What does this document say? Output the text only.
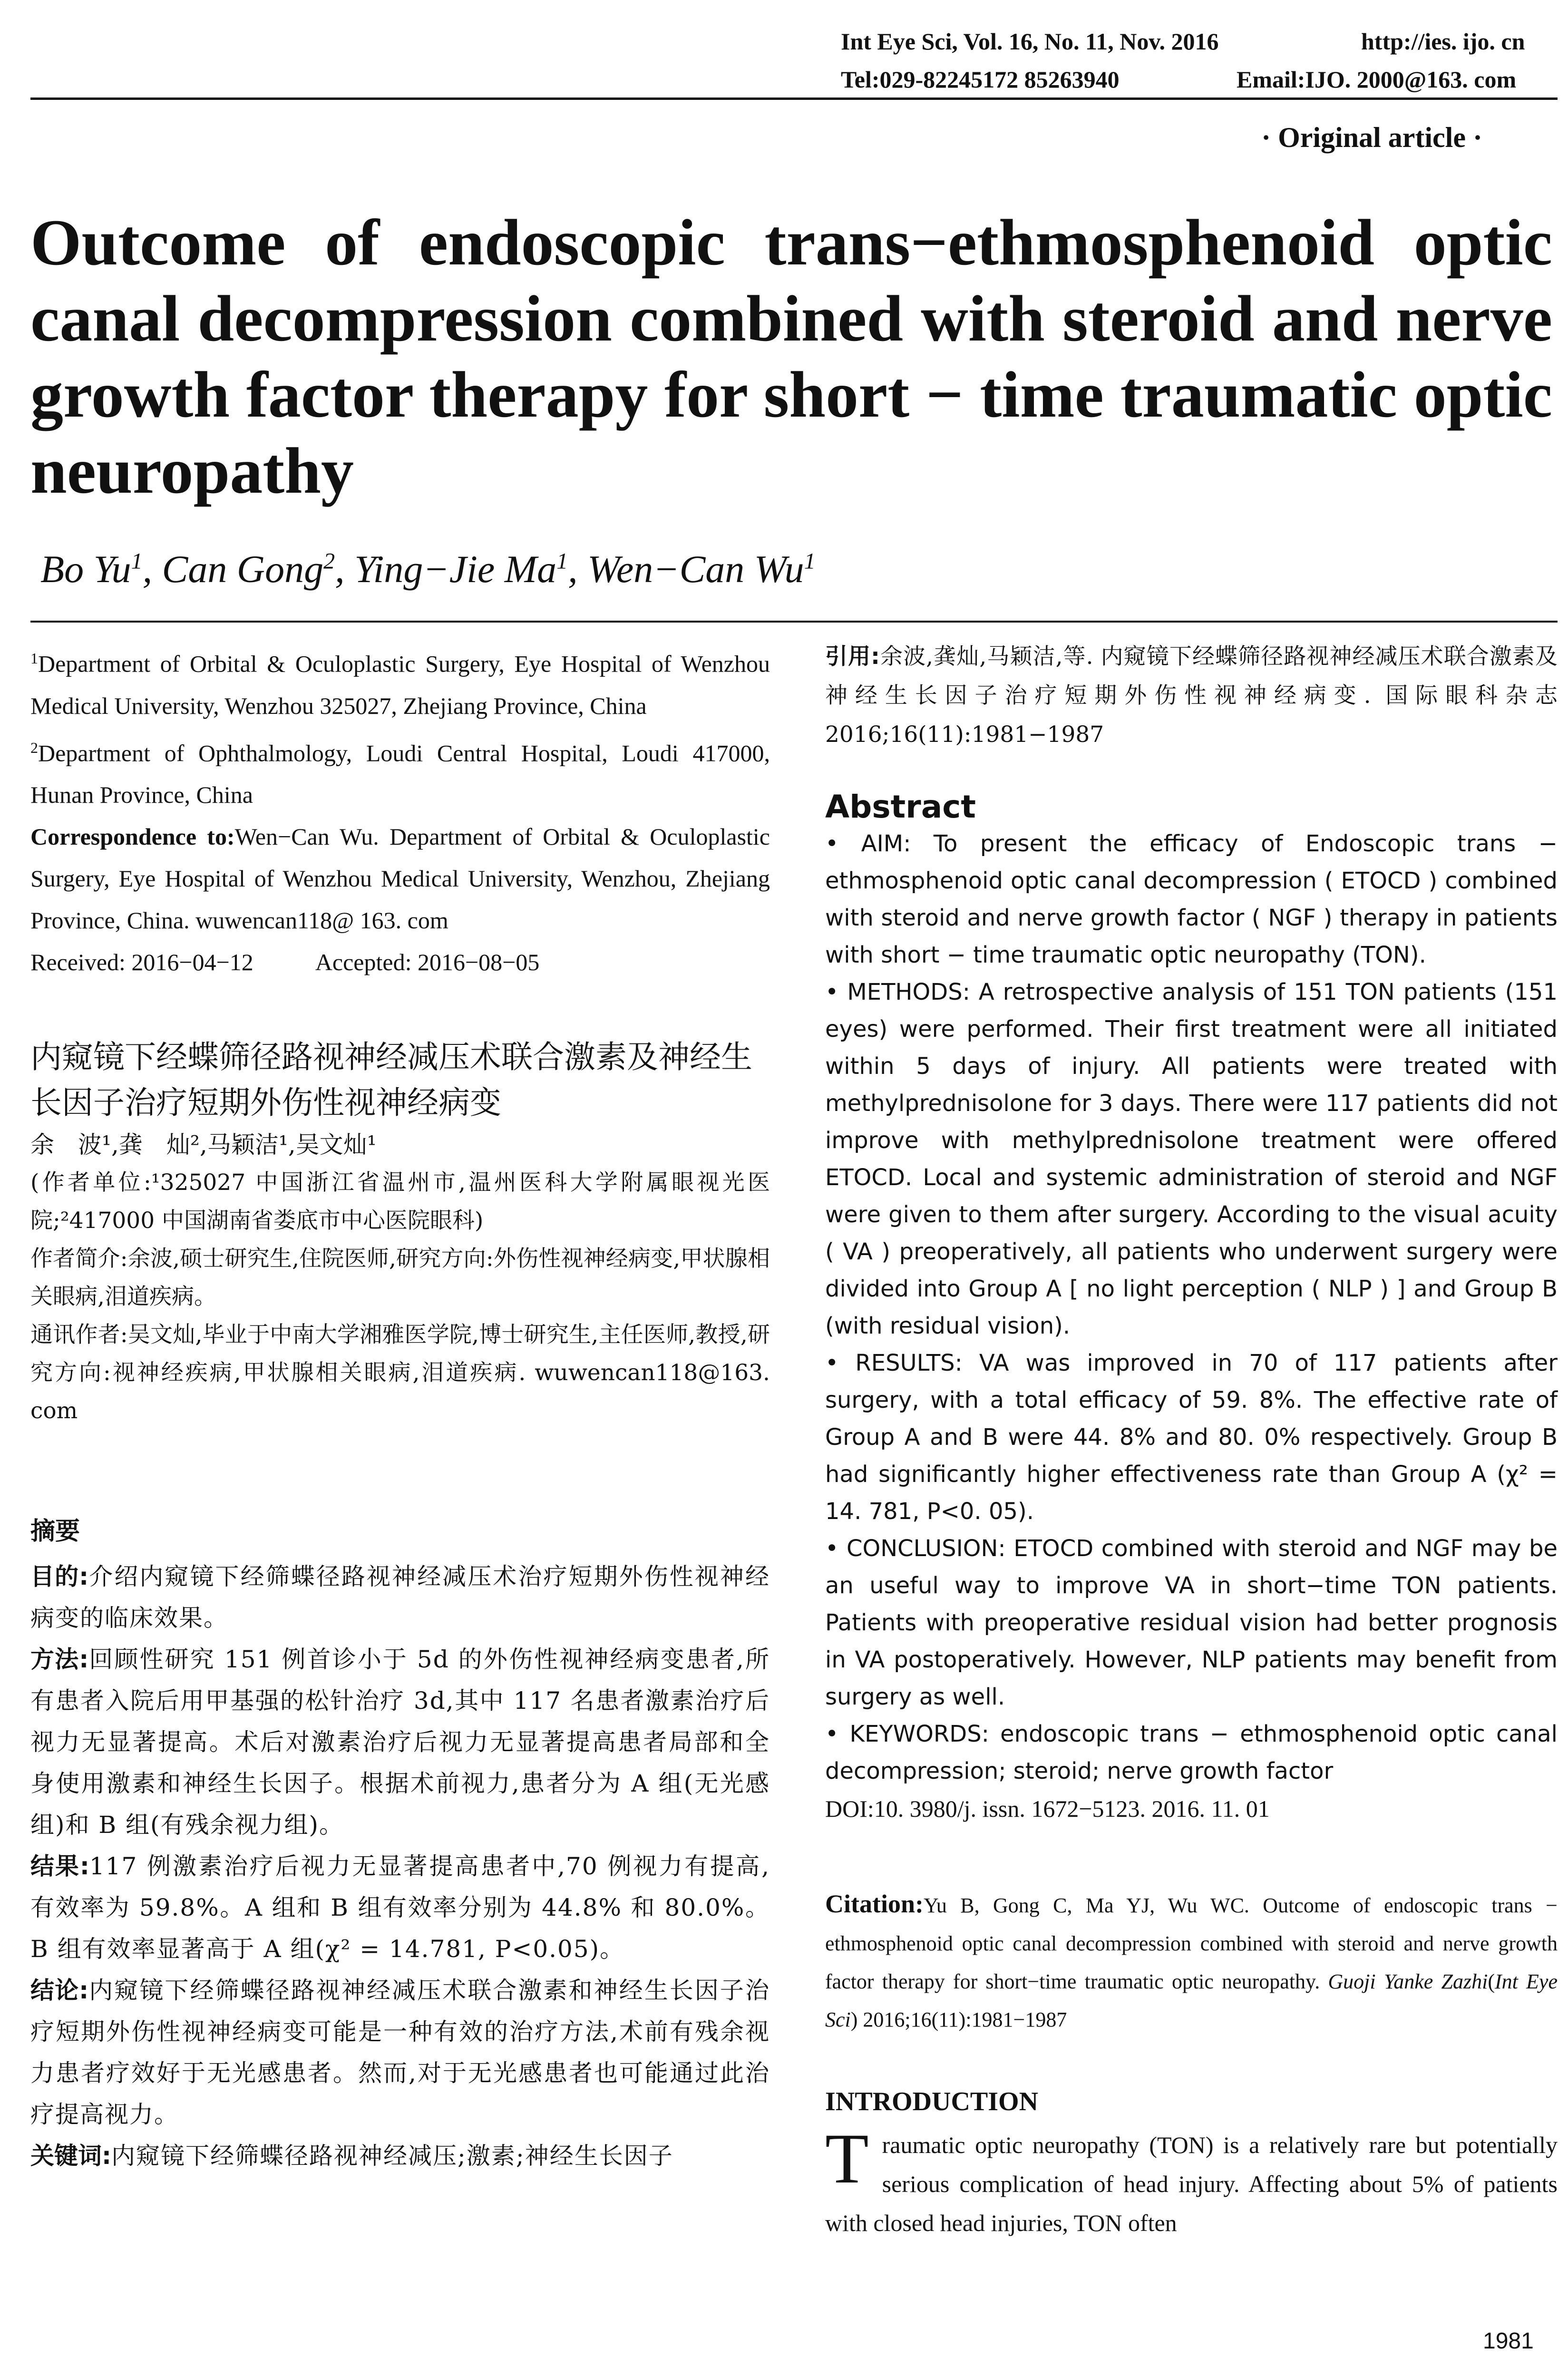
Int Eye Sci, Vol. 16, No. 11, Nov. 2016	http://ies. ijo. cn
Tel:029-82245172 85263940	Email:IJO. 2000@163. com
· Original article ·
Outcome of endoscopic trans−ethmosphenoid optic canal decompression combined with steroid and nerve growth factor therapy for short − time traumatic optic neuropathy
Bo Yu$^1$, Can Gong$^2$, Ying−Jie Ma$^1$, Wen−Can Wu$^1$

$^1$Department of Orbital & Oculoplastic Surgery, Eye Hospital of Wenzhou Medical University, Wenzhou 325027, Zhejiang Province, China

$^2$Department of Ophthalmology, Loudi Central Hospital, Loudi 417000, Hunan Province, China

Correspondence to:Wen−Can Wu. Department of Orbital & Oculoplastic Surgery, Eye Hospital of Wenzhou Medical University, Wenzhou, Zhejiang Province, China. wuwencan118@ 163. com

Received: 2016−04−12	Accepted: 2016−08−05

内窥镜下经蝶筛径路视神经减压术联合激素及神经生长因子治疗短期外伤性视神经病变

余　波¹,龚　灿²,马颖洁¹,吴文灿¹

(作者单位:¹325027 中国浙江省温州市,温州医科大学附属眼视光医院;²417000 中国湖南省娄底市中心医院眼科)

作者简介:余波,硕士研究生,住院医师,研究方向:外伤性视神经病变,甲状腺相关眼病,泪道疾病。

通讯作者:吴文灿,毕业于中南大学湘雅医学院,博士研究生,主任医师,教授,研究方向:视神经疾病,甲状腺相关眼病,泪道疾病. wuwencan118@163. com

摘要

目的:介绍内窥镜下经筛蝶径路视神经减压术治疗短期外伤性视神经病变的临床效果。

方法:回顾性研究 151 例首诊小于 5d 的外伤性视神经病变患者,所有患者入院后用甲基强的松针治疗 3d,其中 117 名患者激素治疗后视力无显著提高。术后对激素治疗后视力无显著提高患者局部和全身使用激素和神经生长因子。根据术前视力,患者分为 A 组(无光感组)和 B 组(有残余视力组)。

结果:117 例激素治疗后视力无显著提高患者中,70 例视力有提高,有效率为 59.8%。A 组和 B 组有效率分别为 44.8% 和 80.0%。B 组有效率显著高于 A 组(χ² = 14.781, P<0.05)。

结论:内窥镜下经筛蝶径路视神经减压术联合激素和神经生长因子治疗短期外伤性视神经病变可能是一种有效的治疗方法,术前有残余视力患者疗效好于无光感患者。然而,对于无光感患者也可能通过此治疗提高视力。

关键词:内窥镜下经筛蝶径路视神经减压;激素;神经生长因子

引用:余波,龚灿,马颖洁,等. 内窥镜下经蝶筛径路视神经减压术联合激素及神经生长因子治疗短期外伤性视神经病变. 国际眼科杂志 2016;16(11):1981−1987

Abstract

• AIM: To present the efficacy of Endoscopic trans − ethmosphenoid optic canal decompression ( ETOCD ) combined with steroid and nerve growth factor ( NGF ) therapy in patients with short − time traumatic optic neuropathy (TON).

• METHODS: A retrospective analysis of 151 TON patients (151 eyes) were performed. Their first treatment were all initiated within 5 days of injury. All patients were treated with methylprednisolone for 3 days. There were 117 patients did not improve with methylprednisolone treatment were offered ETOCD. Local and systemic administration of steroid and NGF were given to them after surgery. According to the visual acuity ( VA ) preoperatively, all patients who underwent surgery were divided into Group A [ no light perception ( NLP ) ] and Group B (with residual vision).

• RESULTS: VA was improved in 70 of 117 patients after surgery, with a total efficacy of 59. 8%. The effective rate of Group A and B were 44. 8% and 80. 0% respectively. Group B had significantly higher effectiveness rate than Group A (χ² = 14. 781, P<0. 05).

• CONCLUSION: ETOCD combined with steroid and NGF may be an useful way to improve VA in short−time TON patients. Patients with preoperative residual vision had better prognosis in VA postoperatively. However, NLP patients may benefit from surgery as well.

• KEYWORDS: endoscopic trans − ethmosphenoid optic canal decompression; steroid; nerve growth factor

DOI:10. 3980/j. issn. 1672−5123. 2016. 11. 01

Citation:Yu B, Gong C, Ma YJ, Wu WC. Outcome of endoscopic trans − ethmosphenoid optic canal decompression combined with steroid and nerve growth factor therapy for short−time traumatic optic neuropathy. Guoji Yanke Zazhi(Int Eye Sci) 2016;16(11):1981−1987

INTRODUCTION

Traumatic optic neuropathy (TON) is a relatively rare but potentially serious complication of head injury. Affecting about 5% of patients with closed head injuries, TON often

1981
